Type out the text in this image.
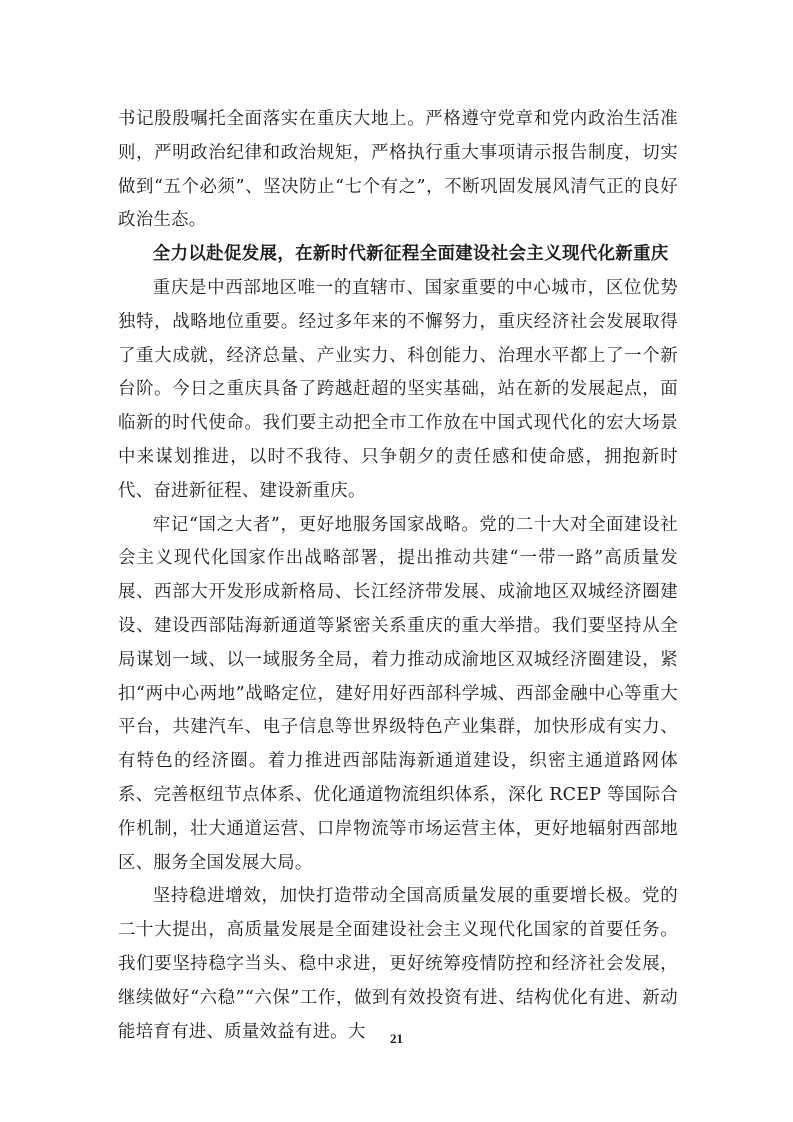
书记殷殷嘱托全面落实在重庆大地上。严格遵守党章和党内政治生活准则，严明政治纪律和政治规矩，严格执行重大事项请示报告制度，切实做到“五个必须”、坚决防止“七个有之”，不断巩固发展风清气正的良好政治生态。

全力以赴促发展，在新时代新征程全面建设社会主义现代化新重庆

重庆是中西部地区唯一的直辖市、国家重要的中心城市，区位优势独特，战略地位重要。经过多年来的不懈努力，重庆经济社会发展取得了重大成就，经济总量、产业实力、科创能力、治理水平都上了一个新台阶。今日之重庆具备了跨越赶超的坚实基础，站在新的发展起点，面临新的时代使命。我们要主动把全市工作放在中国式现代化的宏大场景中来谋划推进，以时不我待、只争朝夕的责任感和使命感，拥抱新时代、奋进新征程、建设新重庆。

牢记“国之大者”，更好地服务国家战略。党的二十大对全面建设社会主义现代化国家作出战略部署，提出推动共建“一带一路”高质量发展、西部大开发形成新格局、长江经济带发展、成渝地区双城经济圈建设、建设西部陆海新通道等紧密关系重庆的重大举措。我们要坚持从全局谋划一域、以一域服务全局，着力推动成渝地区双城经济圈建设，紧扣“两中心两地”战略定位，建好用好西部科学城、西部金融中心等重大平台，共建汽车、电子信息等世界级特色产业集群，加快形成有实力、有特色的经济圈。着力推进西部陆海新通道建设，织密主通道路网体系、完善枢纽节点体系、优化通道物流组织体系，深化 RCEP 等国际合作机制，壮大通道运营、口岸物流等市场运营主体，更好地辐射西部地区、服务全国发展大局。

坚持稳进增效，加快打造带动全国高质量发展的重要增长极。党的二十大提出，高质量发展是全面建设社会主义现代化国家的首要任务。我们要坚持稳字当头、稳中求进，更好统筹疫情防控和经济社会发展，继续做好“六稳”“六保”工作，做到有效投资有进、结构优化有进、新动能培育有进、质量效益有进。大	21
